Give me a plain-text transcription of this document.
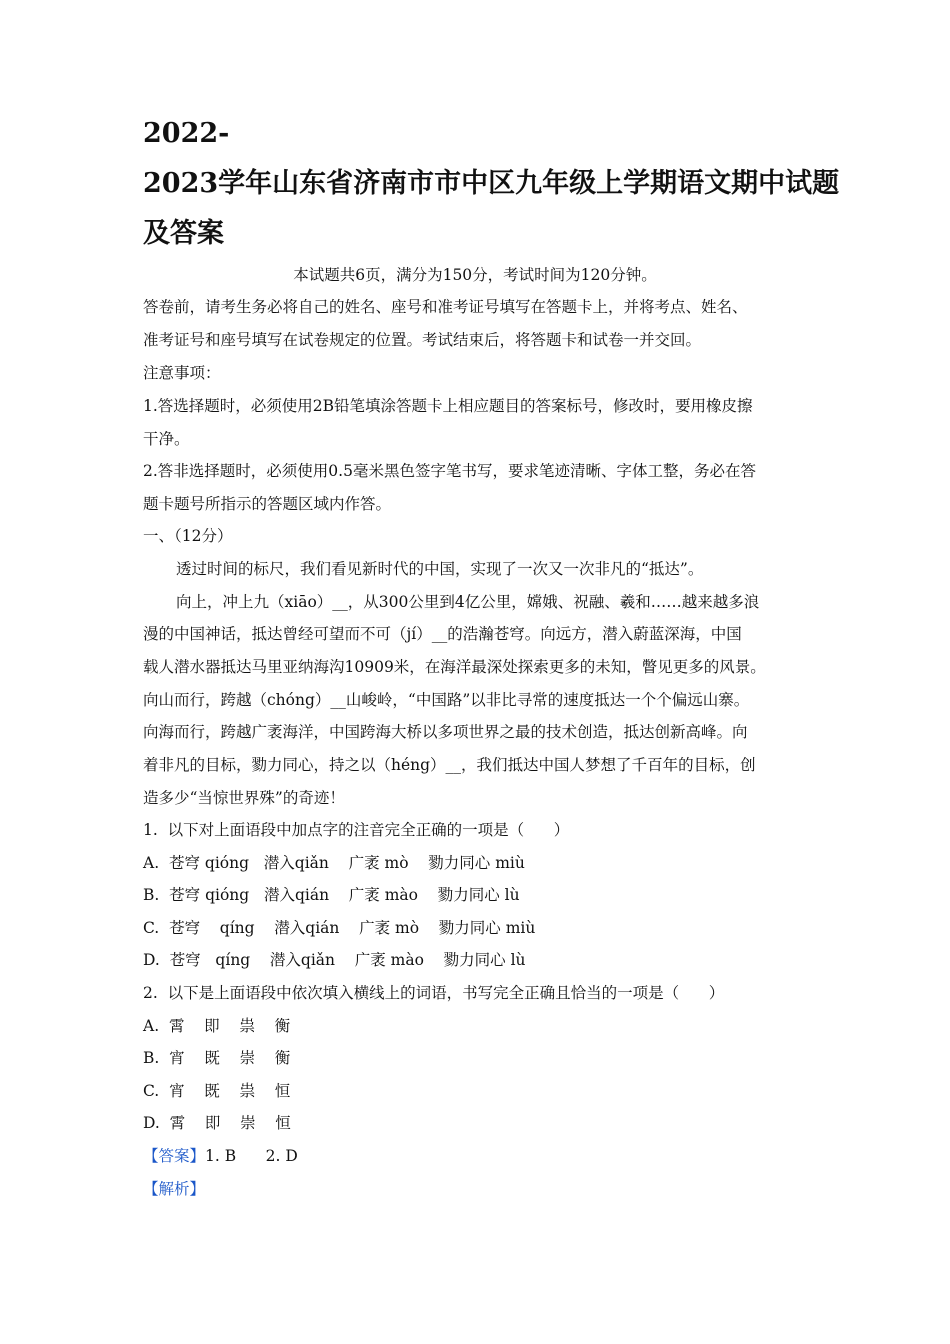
2022-
2023学年山东省济南市市中区九年级上学期语文期中试题
及答案
本试题共6页，满分为150分，考试时间为120分钟。
答卷前，请考生务必将自己的姓名、座号和准考证号填写在答题卡上，并将考点、姓名、
准考证号和座号填写在试卷规定的位置。考试结束后，将答题卡和试卷一并交回。
注意事项：
1.答选择题时，必须使用2B铅笔填涂答题卡上相应题目的答案标号，修改时，要用橡皮擦
干净。
2.答非选择题时，必须使用0.5毫米黑色签字笔书写，要求笔迹清晰、字体工整，务必在答
题卡题号所指示的答题区域内作答。
一、（12分）
透过时间的标尺，我们看见新时代的中国，实现了一次又一次非凡的“抵达”。
向上，冲上九（xiāo）__，从300公里到4亿公里，嫦娥、祝融、羲和……越来越多浪
漫的中国神话，抵达曾经可望而不可（jí）__的浩瀚苍穹。向远方，潜入蔚蓝深海，中国
载人潜水器抵达马里亚纳海沟10909米，在海洋最深处探索更多的未知，瞥见更多的风景。
向山而行，跨越（chóng）__山峻岭，“中国路”以非比寻常的速度抵达一个个偏远山寨。
向海而行，跨越广袤海洋，中国跨海大桥以多项世界之最的技术创造，抵达创新高峰。向
着非凡的目标，勠力同心，持之以（héng）__，我们抵达中国人梦想了千百年的目标，创
造多少“当惊世界殊”的奇迹！
1.  以下对上面语段中加点字的注音完全正确的一项是（      ）
A.  苍穹 qióng   潜入qiǎn    广袤 mò    勠力同心 miù
B.  苍穹 qióng   潜入qián    广袤 mào    勠力同心 lù
C.  苍穹    qíng    潜入qián    广袤 mò    勠力同心 miù
D.  苍穹   qíng    潜入qiǎn    广袤 mào    勠力同心 lù
2.  以下是上面语段中依次填入横线上的词语，书写完全正确且恰当的一项是（      ）
A.  霄    即    祟    衡
B.  宵    既    崇    衡
C.  宵    既    祟    恒
D.  霄    即    崇    恒
【答案】1. B      2. D
【解析】
